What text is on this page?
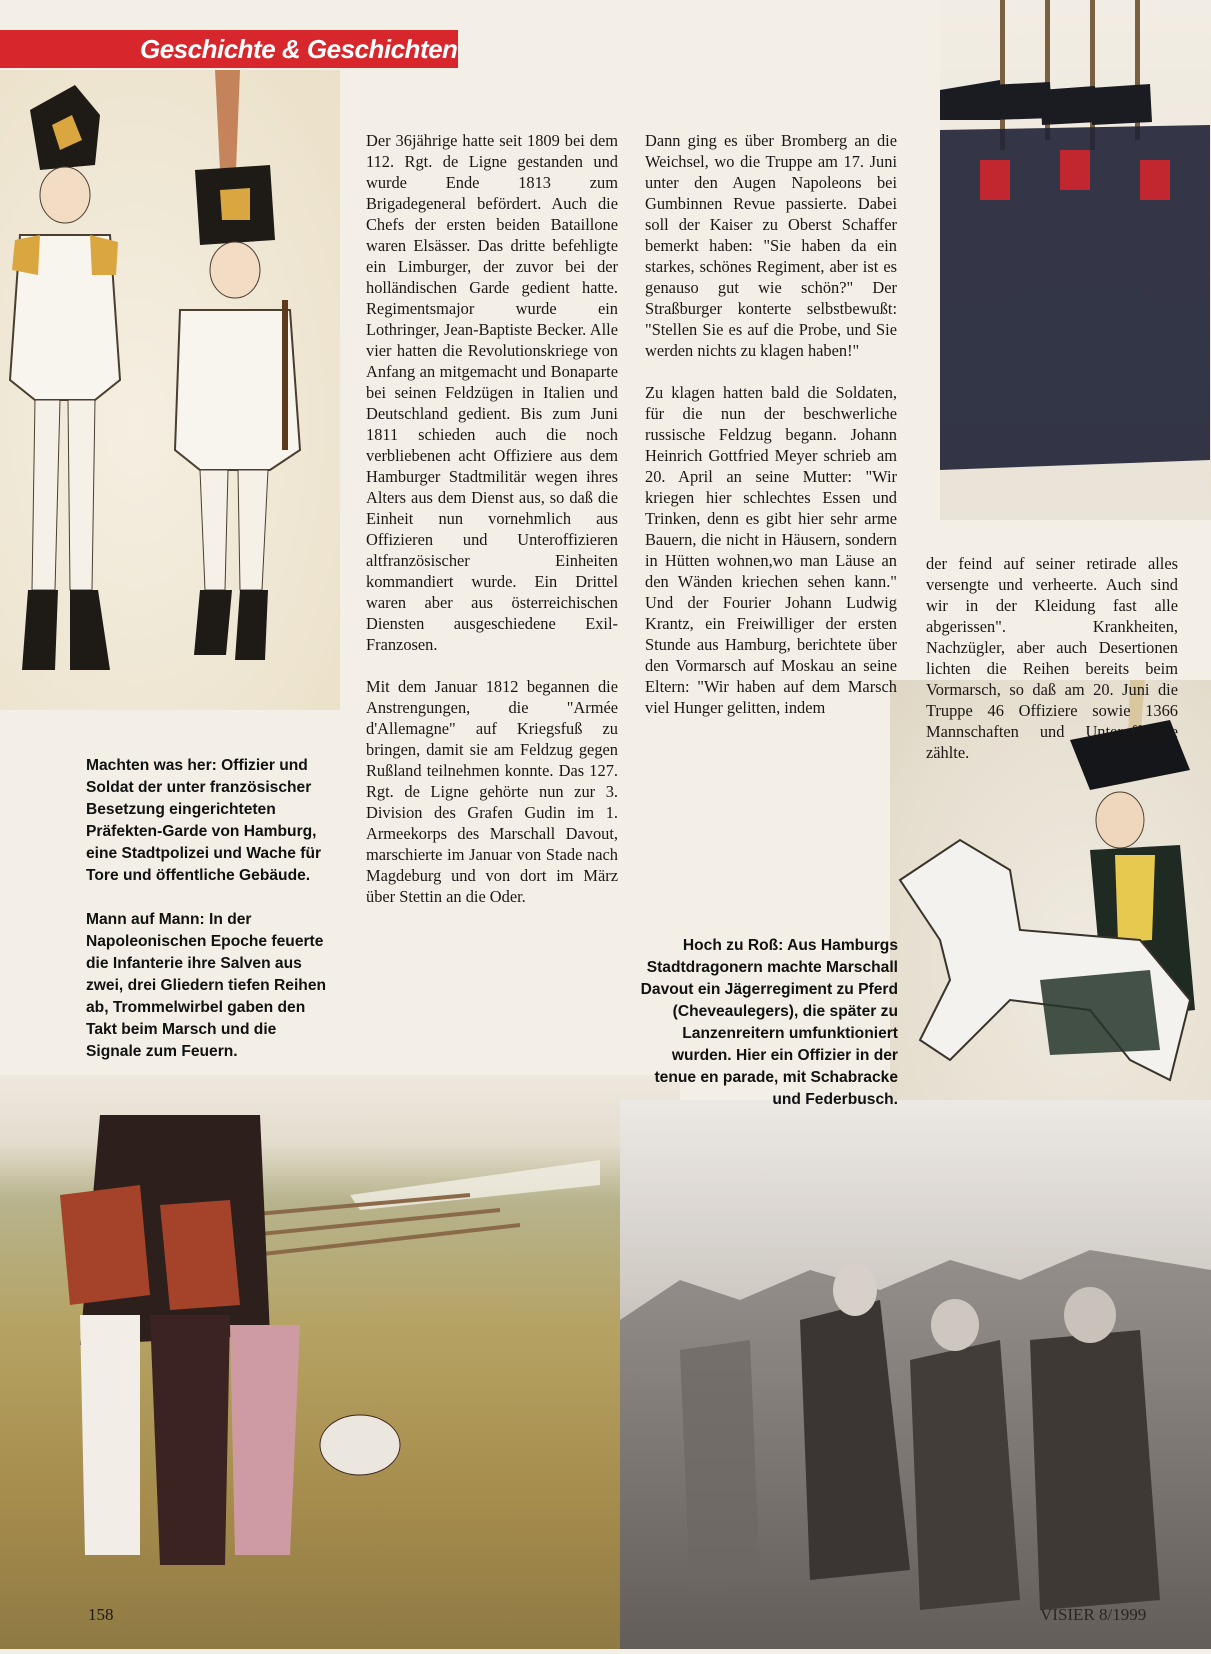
Geschichte & Geschichten

Der 36jährige hatte seit 1809 bei dem 112. Rgt. de Ligne gestanden und wurde Ende 1813 zum Brigadegeneral befördert. Auch die Chefs der ersten beiden Bataillone waren Elsässer. Das dritte befehligte ein Limburger, der zuvor bei der holländischen Garde gedient hatte. Regimentsmajor wurde ein Lothringer, Jean-Baptiste Becker. Alle vier hatten die Revolutionskriege von Anfang an mitgemacht und Bonaparte bei seinen Feldzügen in Italien und Deutschland gedient. Bis zum Juni 1811 schieden auch die noch verbliebenen acht Offiziere aus dem Hamburger Stadtmilitär wegen ihres Alters aus dem Dienst aus, so daß die Einheit nun vornehmlich aus Offizieren und Unteroffizieren altfranzösischer Einheiten kommandiert wurde. Ein Drittel waren aber aus österreichischen Diensten ausgeschiedene Exil-Franzosen.

Mit dem Januar 1812 begannen die Anstrengungen, die "Armée d'Allemagne" auf Kriegsfuß zu bringen, damit sie am Feldzug gegen Rußland teilnehmen konnte. Das 127. Rgt. de Ligne gehörte nun zur 3. Division des Grafen Gudin im 1. Armeekorps des Marschall Davout, marschierte im Januar von Stade nach Magdeburg und von dort im März über Stettin an die Oder.

Dann ging es über Bromberg an die Weichsel, wo die Truppe am 17. Juni unter den Augen Napoleons bei Gumbinnen Revue passierte. Dabei soll der Kaiser zu Oberst Schaffer bemerkt haben: "Sie haben da ein starkes, schönes Regiment, aber ist es genauso gut wie schön?" Der Straßburger konterte selbstbewußt: "Stellen Sie es auf die Probe, und Sie werden nichts zu klagen haben!"

Zu klagen hatten bald die Soldaten, für die nun der beschwerliche russische Feldzug begann. Johann Heinrich Gottfried Meyer schrieb am 20. April an seine Mutter: "Wir kriegen hier schlechtes Essen und Trinken, denn es gibt hier sehr arme Bauern, die nicht in Häusern, sondern in Hütten wohnen,wo man Läuse an den Wänden kriechen sehen kann." Und der Fourier Johann Ludwig Krantz, ein Freiwilliger der ersten Stunde aus Hamburg, berichtete über den Vormarsch auf Moskau an seine Eltern: "Wir haben auf dem Marsch viel Hunger gelitten, indem

der feind auf seiner retirade alles versengte und verheerte. Auch sind wir in der Kleidung fast alle abgerissen". Krankheiten, Nachzügler, aber auch Desertionen lichten die Reihen bereits beim Vormarsch, so daß am 20. Juni die Truppe 46 Offiziere sowie 1366 Mannschaften und Unteroffiziere zählte.

Machten was her: Offizier und Soldat der unter französischer Besetzung eingerichteten Präfekten-Garde von Hamburg, eine Stadtpolizei und Wache für Tore und öffentliche Gebäude.

Mann auf Mann: In der Napoleonischen Epoche feuerte die Infanterie ihre Salven aus zwei, drei Gliedern tiefen Reihen ab, Trommelwirbel gaben den Takt beim Marsch und die Signale zum Feuern.

Hoch zu Roß: Aus Hamburgs Stadtdragonern machte Marschall Davout ein Jägerregiment zu Pferd (Cheveaulegers), die später zu Lanzenreitern umfunktioniert wurden. Hier ein Offizier in der tenue en parade, mit Schabracke und Federbusch.
158	VISIER 8/1999
